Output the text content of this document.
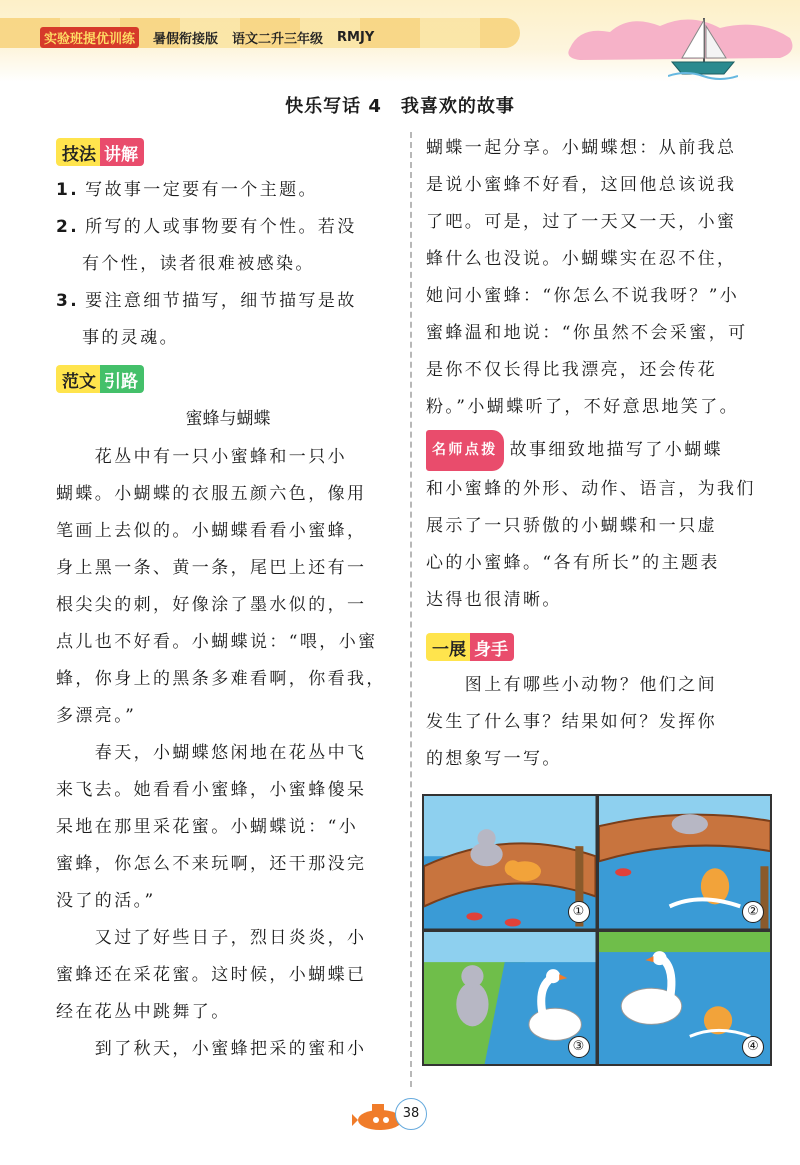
实验班提优训练	暑假衔接版 语文二升三年级 RMJY
快乐写话 4　我喜欢的故事
技法 讲解
1. 写故事一定要有一个主题。
2. 所写的人或事物要有个性。若没
有个性，读者很难被感染。
3. 要注意细节描写，细节描写是故
事的灵魂。
范文 引路
蜜蜂与蝴蝶
　　花丛中有一只小蜜蜂和一只小
蝴蝶。小蝴蝶的衣服五颜六色，像用
笔画上去似的。小蝴蝶看看小蜜蜂，
身上黑一条、黄一条，尾巴上还有一
根尖尖的刺，好像涂了墨水似的，一
点儿也不好看。小蝴蝶说：“喂，小蜜
蜂，你身上的黑条多难看啊，你看我，
多漂亮。”
　　春天，小蝴蝶悠闲地在花丛中飞
来飞去。她看看小蜜蜂，小蜜蜂傻呆
呆地在那里采花蜜。小蝴蝶说：“小
蜜蜂，你怎么不来玩啊，还干那没完
没了的活。”
　　又过了好些日子，烈日炎炎，小
蜜蜂还在采花蜜。这时候，小蝴蝶已
经在花丛中跳舞了。
　　到了秋天，小蜜蜂把采的蜜和小
蝴蝶一起分享。小蝴蝶想：从前我总
是说小蜜蜂不好看，这回他总该说我
了吧。可是，过了一天又一天，小蜜
蜂什么也没说。小蝴蝶实在忍不住，
她问小蜜蜂：“你怎么不说我呀？”小
蜜蜂温和地说：“你虽然不会采蜜，可
是你不仅长得比我漂亮，还会传花
粉。”小蝴蝶听了，不好意思地笑了。
名师点拨 故事细致地描写了小蝴蝶
和小蜜蜂的外形、动作、语言，为我们
展示了一只骄傲的小蝴蝶和一只虚
心的小蜜蜂。“各有所长”的主题表
达得也很清晰。
一展 身手
　　图上有哪些小动物？他们之间
发生了什么事？结果如何？发挥你
的想象写一写。
①	②
③	④
38
